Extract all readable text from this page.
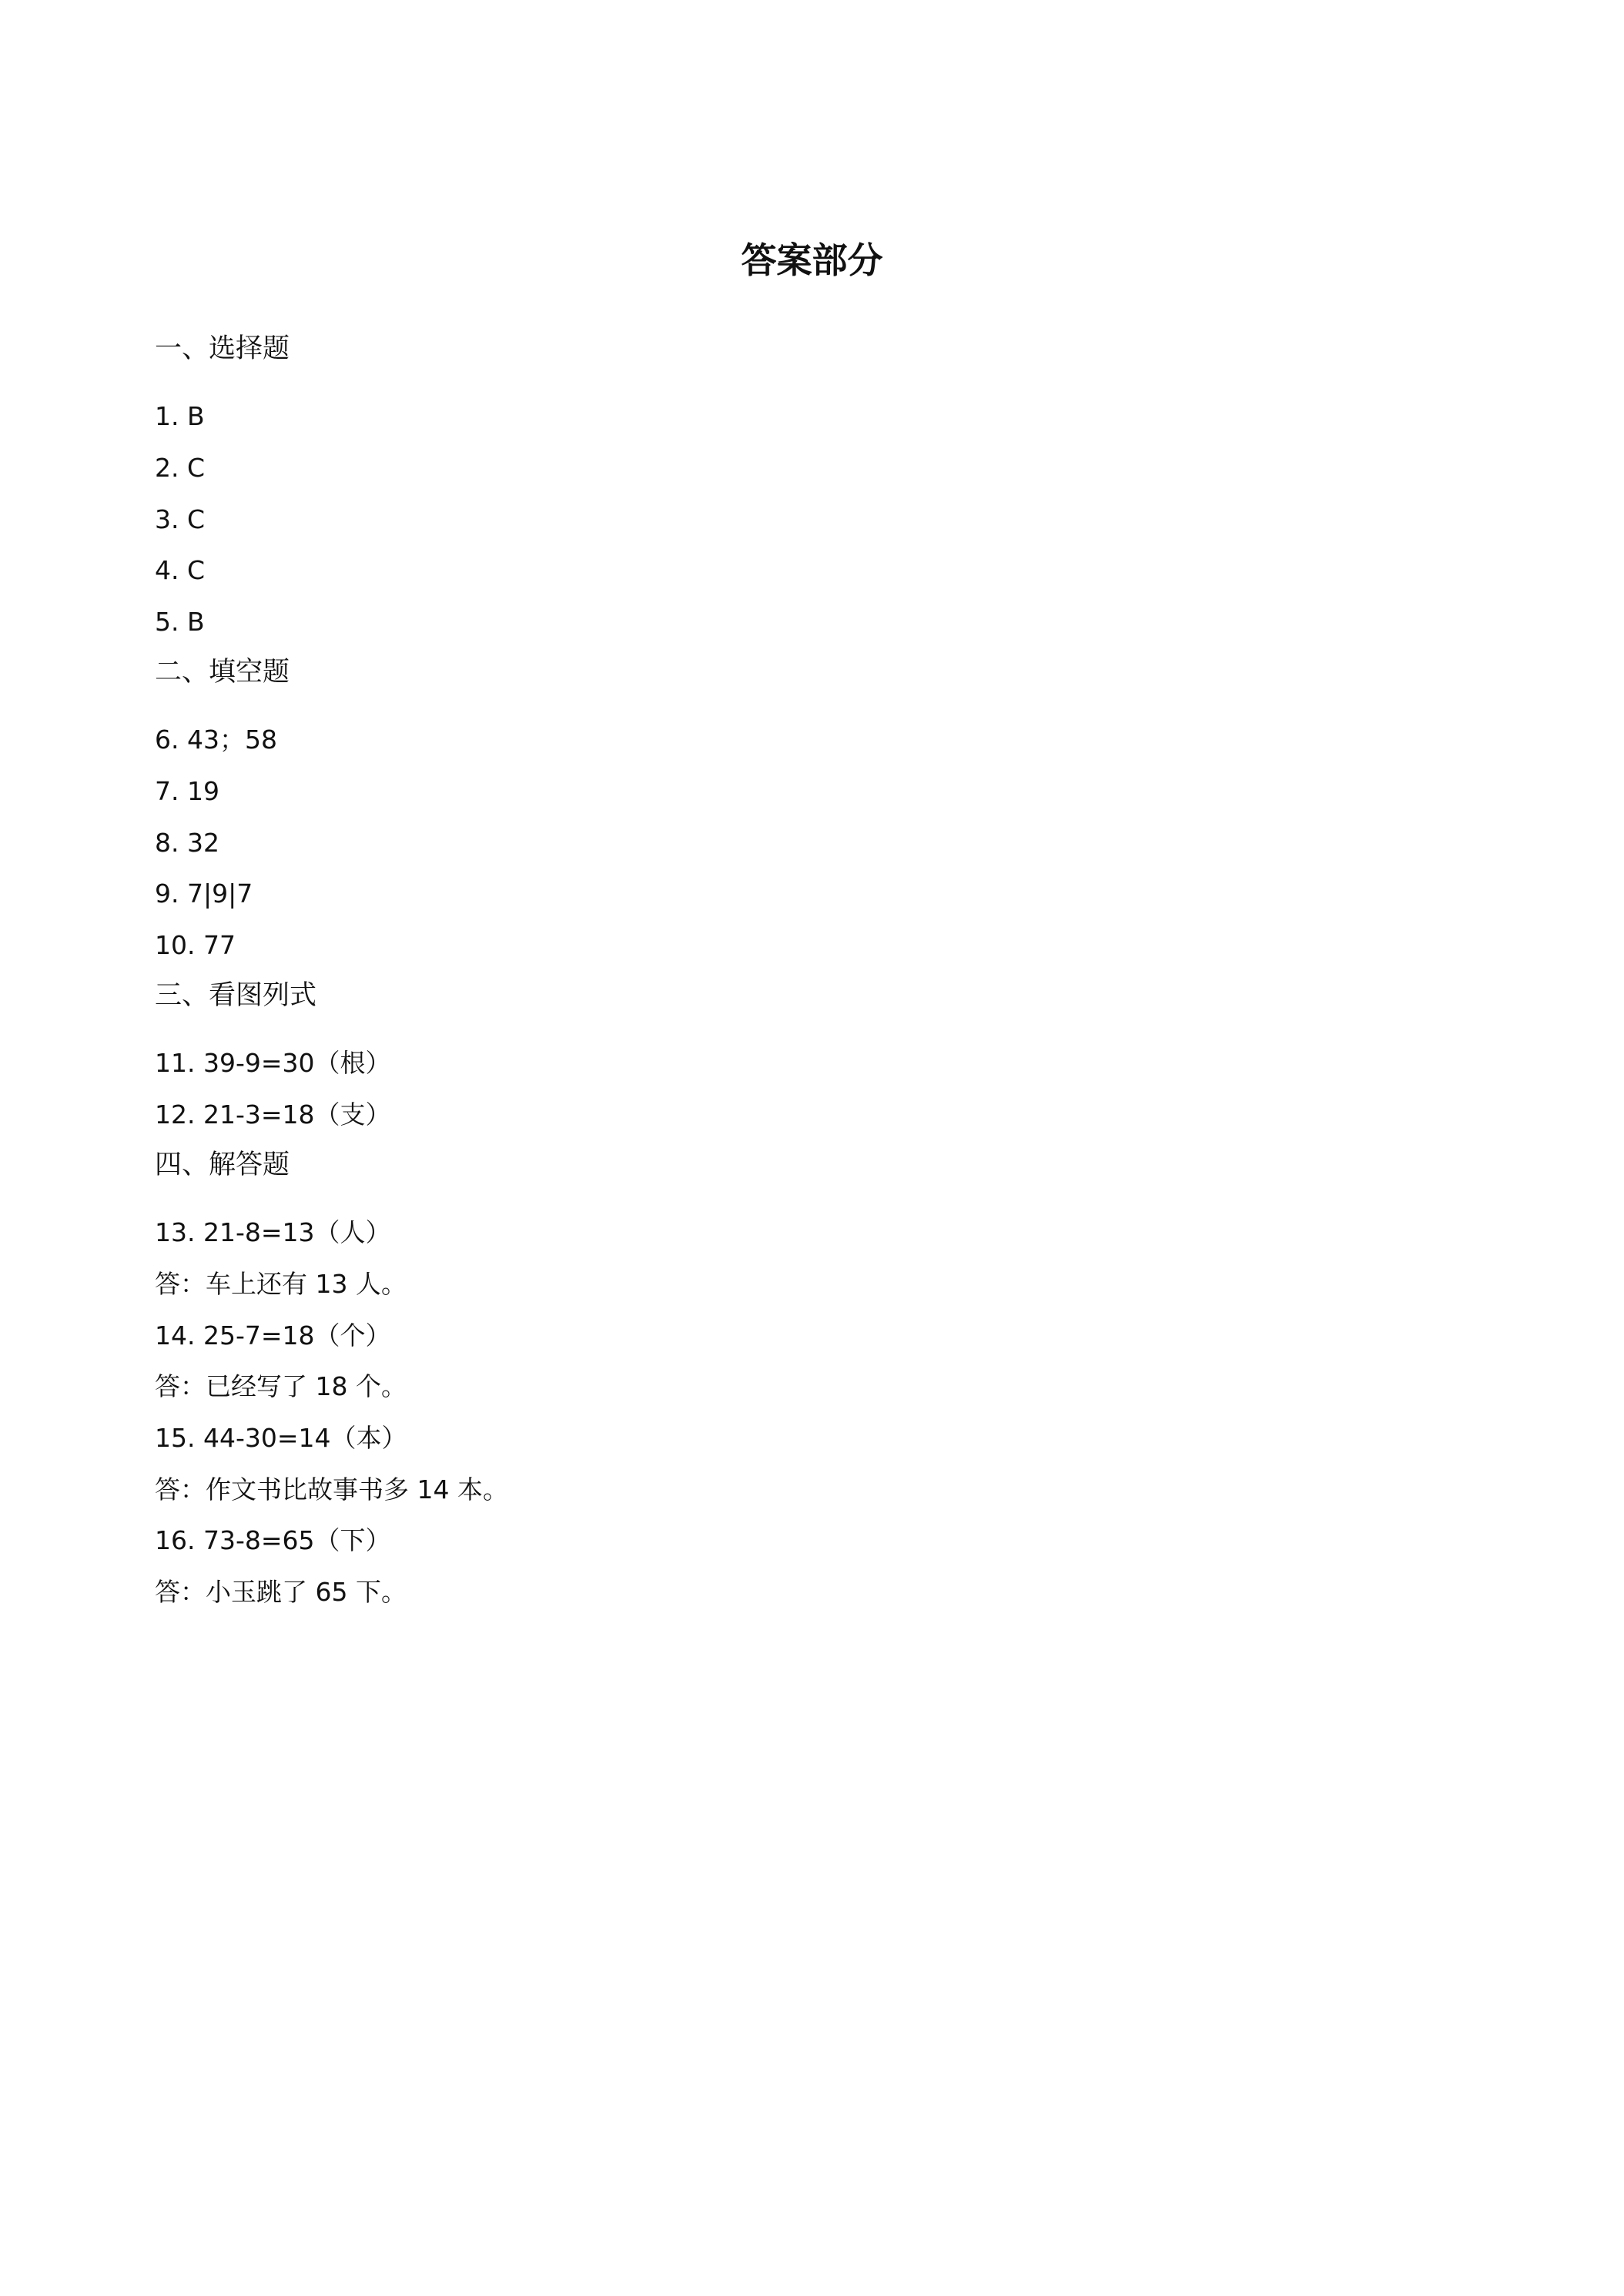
答案部分
一、选择题
1. B
2. C
3. C
4. C
5. B
二、填空题
6. 43；58
7. 19
8. 32
9. 7|9|7
10. 77
三、看图列式
11. 39-9=30（根）
12. 21-3=18（支）
四、解答题
13. 21-8=13（人）
答：车上还有 13 人。
14. 25-7=18（个）
答：已经写了 18 个。
15. 44-30=14（本）
答：作文书比故事书多 14 本。
16. 73-8=65（下）
答：小玉跳了 65 下。
